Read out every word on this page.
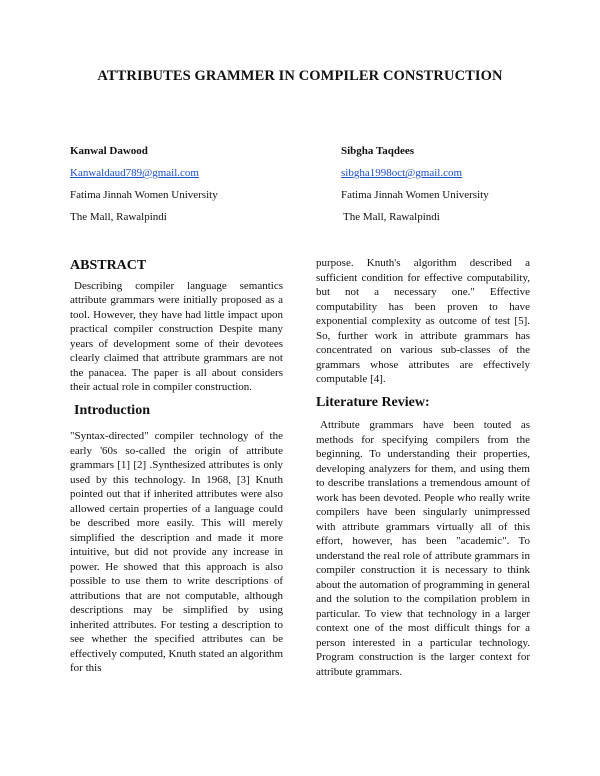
ATTRIBUTES GRAMMER IN COMPILER CONSTRUCTION
Kanwal Dawood
Kanwaldaud789@gmail.com
Fatima Jinnah Women University
The Mall, Rawalpindi
Sibgha Taqdees
sibgha1998oct@gmail.com
Fatima Jinnah Women University
The Mall, Rawalpindi
ABSTRACT

Describing compiler language semantics attribute grammars were initially proposed as a tool. However, they have had little impact upon practical compiler construction Despite many years of development some of their devotees clearly claimed that attribute grammars are not the panacea. The paper is all about considers their actual role in compiler construction.

Introduction

"Syntax-directed" compiler technology of the early '60s so-called the origin of attribute grammars [1] [2] .Synthesized attributes is only used by this technology. In 1968, [3] Knuth pointed out that if inherited attributes were also allowed certain properties of a language could be described more easily. This will merely simplified the description and made it more intuitive, but did not provide any increase in power. He showed that this approach is also possible to use them to write descriptions of attributions that are not computable, although descriptions may be simplified by using inherited attributes. For testing a description to see whether the specified attributes can be effectively computed, Knuth stated an algorithm for this

purpose. Knuth's algorithm described a sufficient condition for effective computability, but not a necessary one." Effective computability has been proven to have exponential complexity as outcome of test [5]. So, further work in attribute grammars has concentrated on various sub-classes of the grammars whose attributes are effectively computable [4].

Literature Review:

Attribute grammars have been touted as methods for specifying compilers from the beginning. To understanding their properties, developing analyzers for them, and using them to describe translations a tremendous amount of work has been devoted. People who really write compilers have been singularly unimpressed with attribute grammars virtually all of this effort, however, has been "academic". To understand the real role of attribute grammars in compiler construction it is necessary to think about the automation of programming in general and the solution to the compilation problem in particular. To view that technology in a larger context one of the most difficult things for a person interested in a particular technology. Program construction is the larger context for attribute grammars.
